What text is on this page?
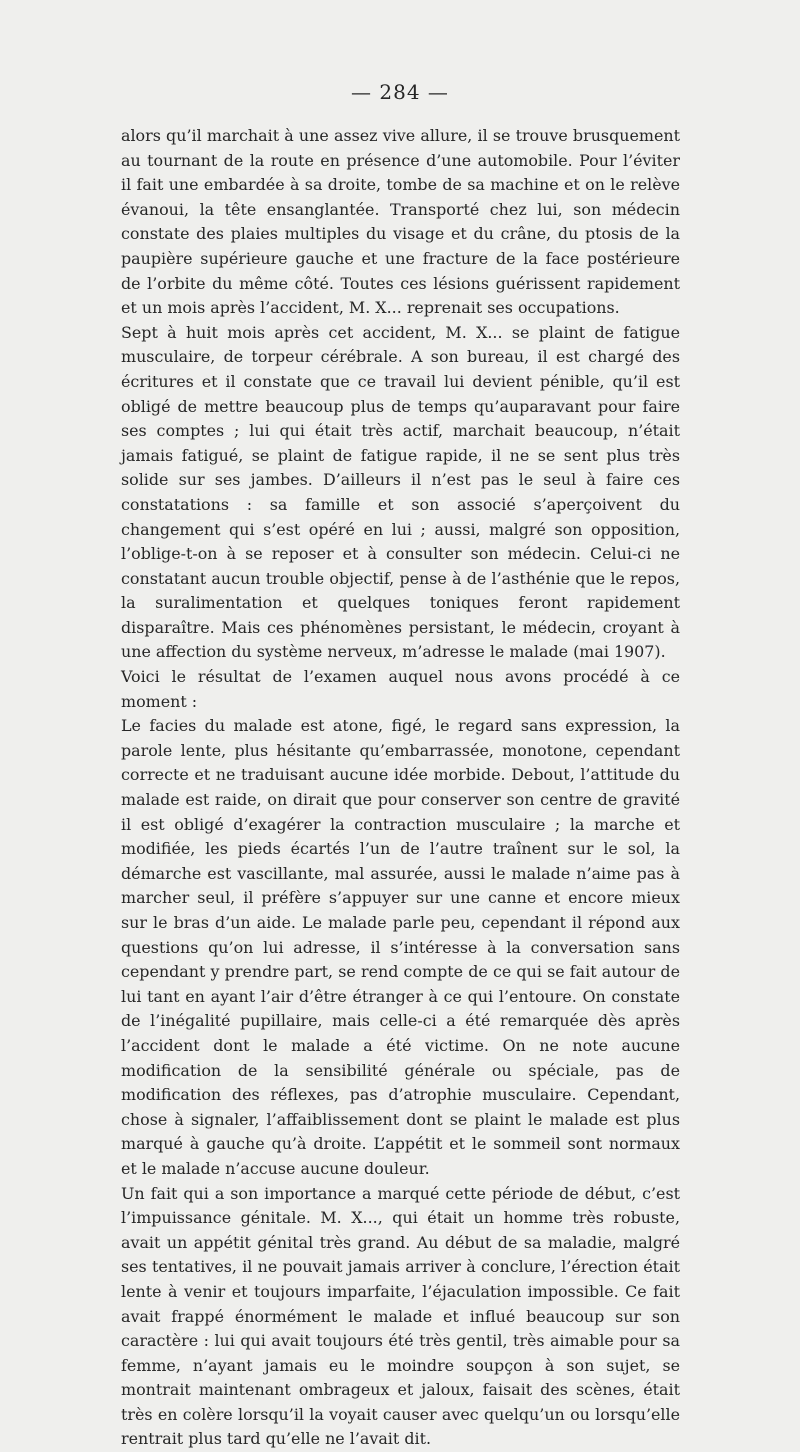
— 284 —

alors qu’il marchait à une assez vive allure, il se trouve brusquement au tournant de la route en présence d’une automobile. Pour l’éviter il fait une embardée à sa droite, tombe de sa machine et on le relève évanoui, la tête ensanglantée. Transporté chez lui, son médecin constate des plaies multiples du visage et du crâne, du ptosis de la paupière supérieure gauche et une fracture de la face postérieure de l’orbite du même côté. Toutes ces lésions guérissent rapidement et un mois après l’accident, M. X... reprenait ses occupations.

Sept à huit mois après cet accident, M. X... se plaint de fatigue musculaire, de torpeur cérébrale. A son bureau, il est chargé des écritures et il constate que ce travail lui devient pénible, qu’il est obligé de mettre beaucoup plus de temps qu’auparavant pour faire ses comptes ; lui qui était très actif, marchait beaucoup, n’était jamais fatigué, se plaint de fatigue rapide, il ne se sent plus très solide sur ses jambes. D’ailleurs il n’est pas le seul à faire ces constatations : sa famille et son associé s’aperçoivent du changement qui s’est opéré en lui ; aussi, malgré son opposition, l’oblige-t-on à se reposer et à consulter son médecin. Celui-ci ne constatant aucun trouble objectif, pense à de l’asthénie que le repos, la suralimentation et quelques toniques feront rapidement disparaître. Mais ces phénomènes persistant, le médecin, croyant à une affection du système nerveux, m’adresse le malade (mai 1907).

Voici le résultat de l’examen auquel nous avons procédé à ce moment :

Le facies du malade est atone, figé, le regard sans expression, la parole lente, plus hésitante qu’embarrassée, monotone, cependant correcte et ne traduisant aucune idée morbide. Debout, l’attitude du malade est raide, on dirait que pour conserver son centre de gravité il est obligé d’exagérer la contraction musculaire ; la marche et modifiée, les pieds écartés l’un de l’autre traînent sur le sol, la démarche est vascillante, mal assurée, aussi le malade n’aime pas à marcher seul, il préfère s’appuyer sur une canne et encore mieux sur le bras d’un aide. Le malade parle peu, cependant il répond aux questions qu’on lui adresse, il s’intéresse à la conversation sans cependant y prendre part, se rend compte de ce qui se fait autour de lui tant en ayant l’air d’être étranger à ce qui l’entoure. On constate de l’inégalité pupillaire, mais celle-ci a été remarquée dès après l’accident dont le malade a été victime. On ne note aucune modification de la sensibilité générale ou spéciale, pas de modification des réflexes, pas d’atrophie musculaire. Cependant, chose à signaler, l’affaiblissement dont se plaint le malade est plus marqué à gauche qu’à droite. L’appétit et le sommeil sont normaux et le malade n’accuse aucune douleur.

Un fait qui a son importance a marqué cette période de début, c’est l’impuissance génitale. M. X..., qui était un homme très robuste, avait un appétit génital très grand. Au début de sa maladie, malgré ses tentatives, il ne pouvait jamais arriver à conclure, l’érection était lente à venir et toujours imparfaite, l’éjaculation impossible. Ce fait avait frappé énormément le malade et influé beaucoup sur son caractère : lui qui avait toujours été très gentil, très aimable pour sa femme, n’ayant jamais eu le moindre soupçon à son sujet, se montrait maintenant ombrageux et jaloux, faisait des scènes, était très en colère lorsqu’il la voyait causer avec quelqu’un ou lorsqu’elle rentrait plus tard qu’elle ne l’avait dit.
